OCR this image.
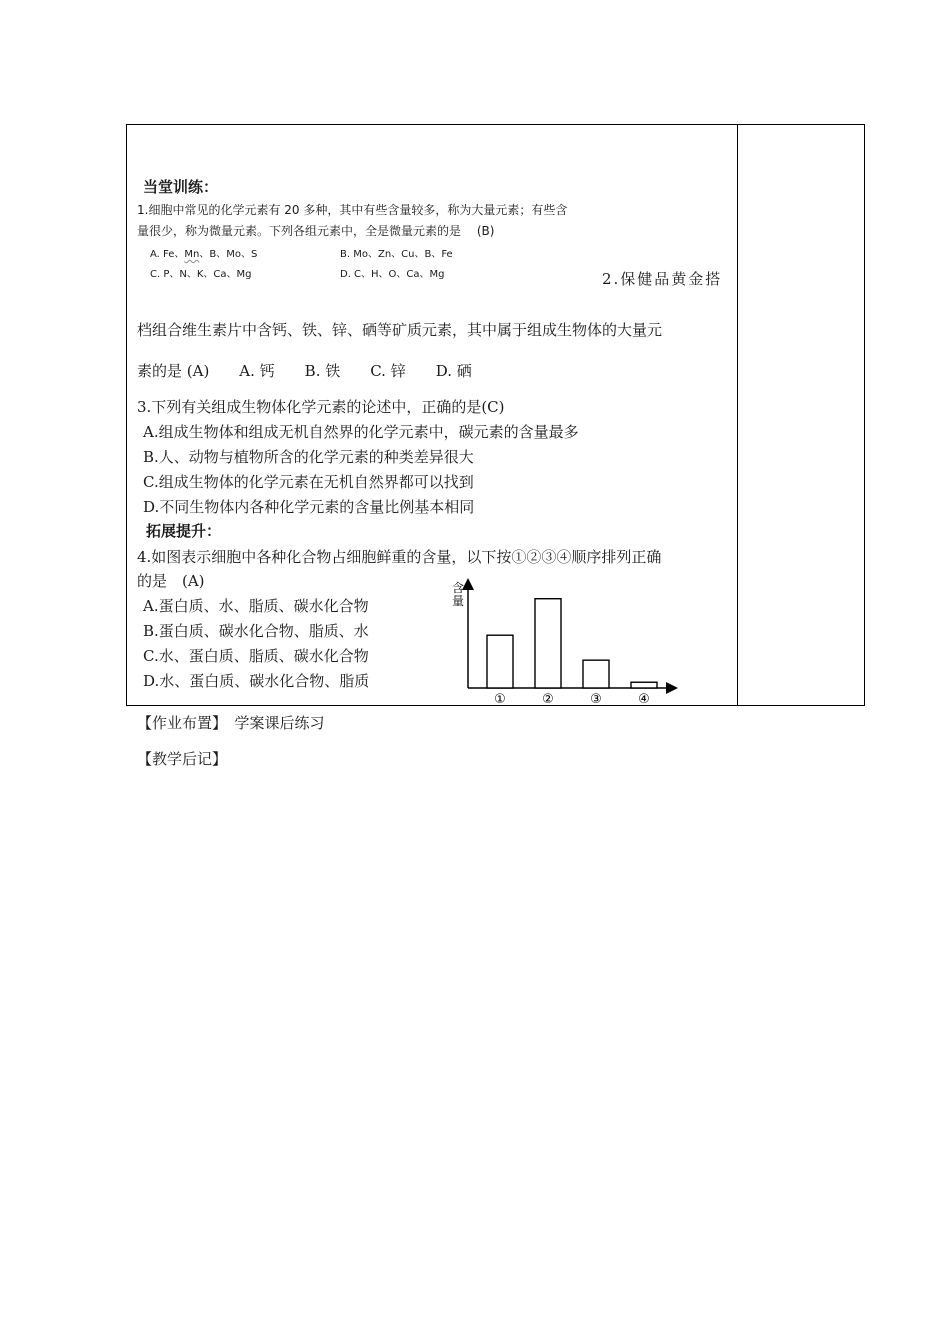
当堂训练：
1.细胞中常见的化学元素有 20 多种，其中有些含量较多，称为大量元素；有些含
量很少，称为微量元素。下列各组元素中，全是微量元素的是　 (B)
A. Fe、Mn、B、Mo、S	B. Mo、Zn、Cu、B、Fe
C. P、N、K、Ca、Mg	D. C、H、O、Ca、Mg	2.保健品黄金搭
档组合维生素片中含钙、铁、锌、硒等矿质元素，其中属于组成生物体的大量元
素的是 (A)　　A. 钙　　B. 铁　　C. 锌　　D. 硒
3.下列有关组成生物体化学元素的论述中，正确的是(C)
A.组成生物体和组成无机自然界的化学元素中，碳元素的含量最多
B.人、动物与植物所含的化学元素的种类差异很大
C.组成生物体的化学元素在无机自然界都可以找到
D.不同生物体内各种化学元素的含量比例基本相同
拓展提升：
4.如图表示细胞中各种化合物占细胞鲜重的含量，以下按①②③④顺序排列正确
的是　(A)
A.蛋白质、水、脂质、碳水化合物
B.蛋白质、碳水化合物、脂质、水
C.水、蛋白质、脂质、碳水化合物
D.水、蛋白质、碳水化合物、脂质
含
量
①	②	③	④
【作业布置】　学案课后练习
【教学后记】
